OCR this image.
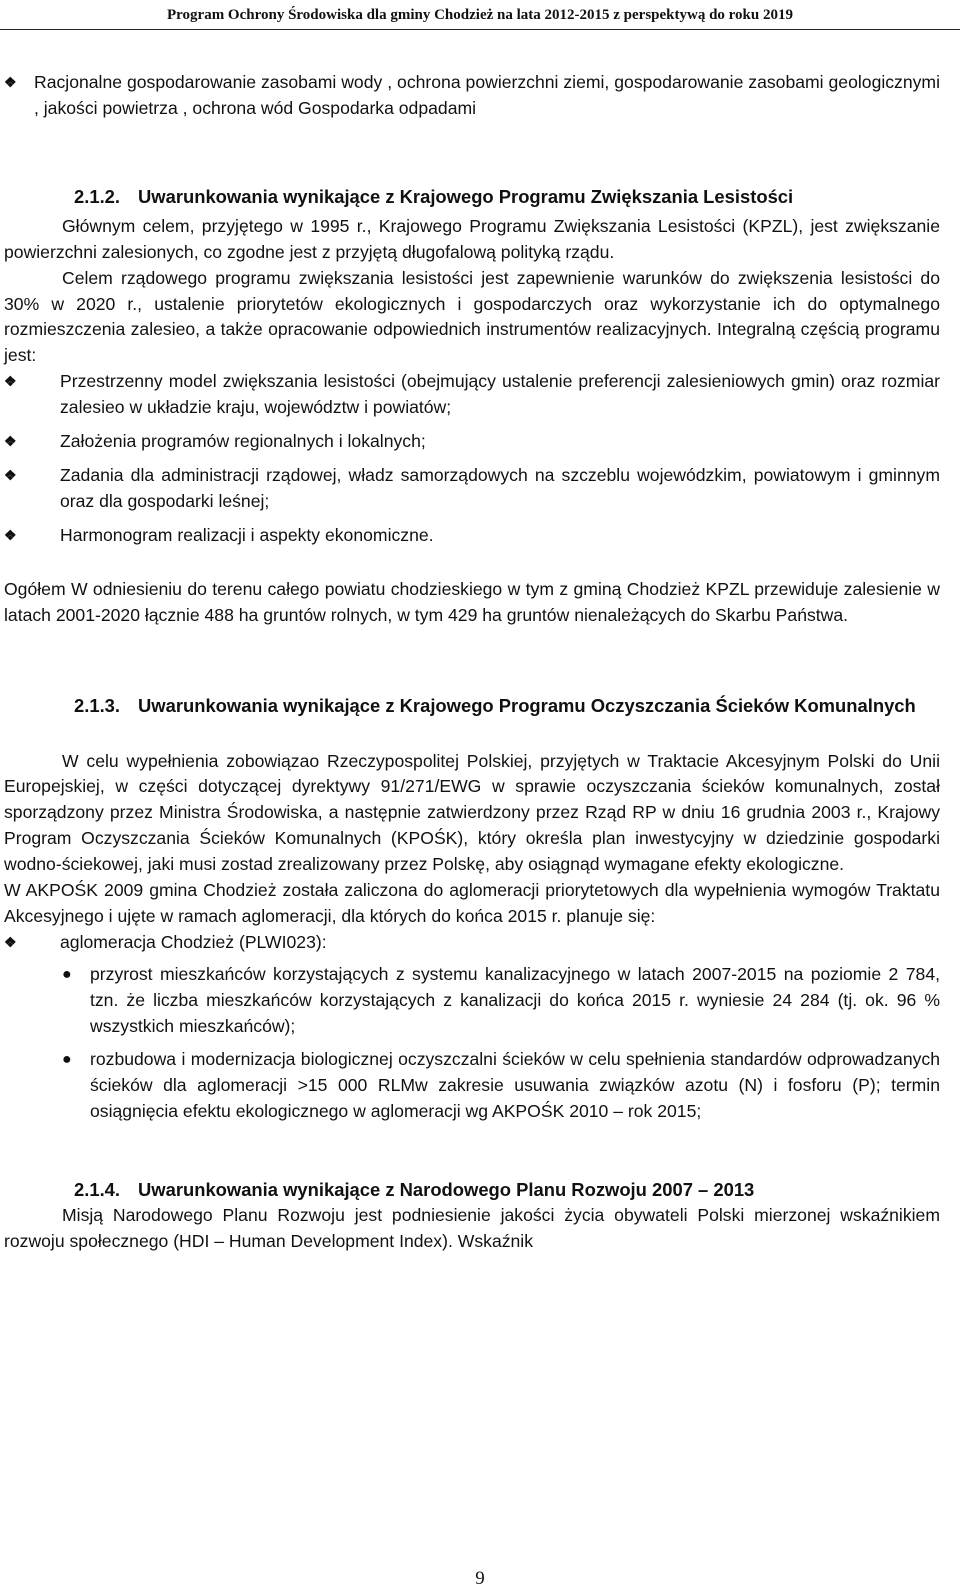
Program Ochrony Środowiska dla gminy Chodzież na lata 2012-2015 z perspektywą do roku 2019
❖ Racjonalne gospodarowanie zasobami wody , ochrona powierzchni ziemi, gospodarowanie zasobami geologicznymi , jakości powietrza , ochrona wód Gospodarka odpadami
2.1.2. Uwarunkowania wynikające z Krajowego Programu Zwiększania Lesistości

Głównym celem, przyjętego w 1995 r., Krajowego Programu Zwiększania Lesistości (KPZL), jest zwiększanie powierzchni zalesionych, co zgodne jest z przyjętą długofalową polityką rządu.

Celem rządowego programu zwiększania lesistości jest zapewnienie warunków do zwiększenia lesistości do 30% w 2020 r., ustalenie priorytetów ekologicznych i gospodarczych oraz wykorzystanie ich do optymalnego rozmieszczenia zalesieo, a także opracowanie odpowiednich instrumentów realizacyjnych. Integralną częścią programu jest:

❖	Przestrzenny model zwiększania lesistości (obejmujący ustalenie preferencji zalesieniowych gmin) oraz rozmiar zalesieo w układzie kraju, województw i powiatów;
❖	Założenia programów regionalnych i lokalnych;
❖	Zadania dla administracji rządowej, władz samorządowych na szczeblu wojewódzkim, powiatowym i gminnym oraz dla gospodarki leśnej;
❖	Harmonogram realizacji i aspekty ekonomiczne.

Ogółem W odniesieniu do terenu całego powiatu chodzieskiego w tym z gminą Chodzież KPZL przewiduje zalesienie w latach 2001-2020 łącznie 488 ha gruntów rolnych, w tym 429 ha gruntów nienależących do Skarbu Państwa.

2.1.3. Uwarunkowania wynikające z Krajowego Programu Oczyszczania Ścieków Komunalnych

W celu wypełnienia zobowiązao Rzeczypospolitej Polskiej, przyjętych w Traktacie Akcesyjnym Polski do Unii Europejskiej, w części dotyczącej dyrektywy 91/271/EWG w sprawie oczyszczania ścieków komunalnych, został sporządzony przez Ministra Środowiska, a następnie zatwierdzony przez Rząd RP w dniu 16 grudnia 2003 r., Krajowy Program Oczyszczania Ścieków Komunalnych (KPOŚK), który określa plan inwestycyjny w dziedzinie gospodarki wodno-ściekowej, jaki musi zostad zrealizowany przez Polskę, aby osiągnąd wymagane efekty ekologiczne.

W AKPOŚK 2009 gmina Chodzież została zaliczona do aglomeracji priorytetowych dla wypełnienia wymogów Traktatu Akcesyjnego i ujęte w ramach aglomeracji, dla których do końca 2015 r. planuje się:

❖	aglomeracja Chodzież (PLWI023):
●	przyrost mieszkańców korzystających z systemu kanalizacyjnego w latach 2007-2015 na poziomie 2 784, tzn. że liczba mieszkańców korzystających z kanalizacji do końca 2015 r. wyniesie 24 284 (tj. ok. 96 % wszystkich mieszkańców);
●	rozbudowa i modernizacja biologicznej oczyszczalni ścieków w celu spełnienia standardów odprowadzanych ścieków dla aglomeracji >15 000 RLMw zakresie usuwania związków azotu (N) i fosforu (P); termin osiągnięcia efektu ekologicznego w aglomeracji wg AKPOŚK 2010 – rok 2015;
2.1.4. Uwarunkowania wynikające z Narodowego Planu Rozwoju 2007 – 2013

Misją Narodowego Planu Rozwoju jest podniesienie jakości życia obywateli Polski mierzonej wskaźnikiem rozwoju społecznego (HDI – Human Development Index). Wskaźnik

9
